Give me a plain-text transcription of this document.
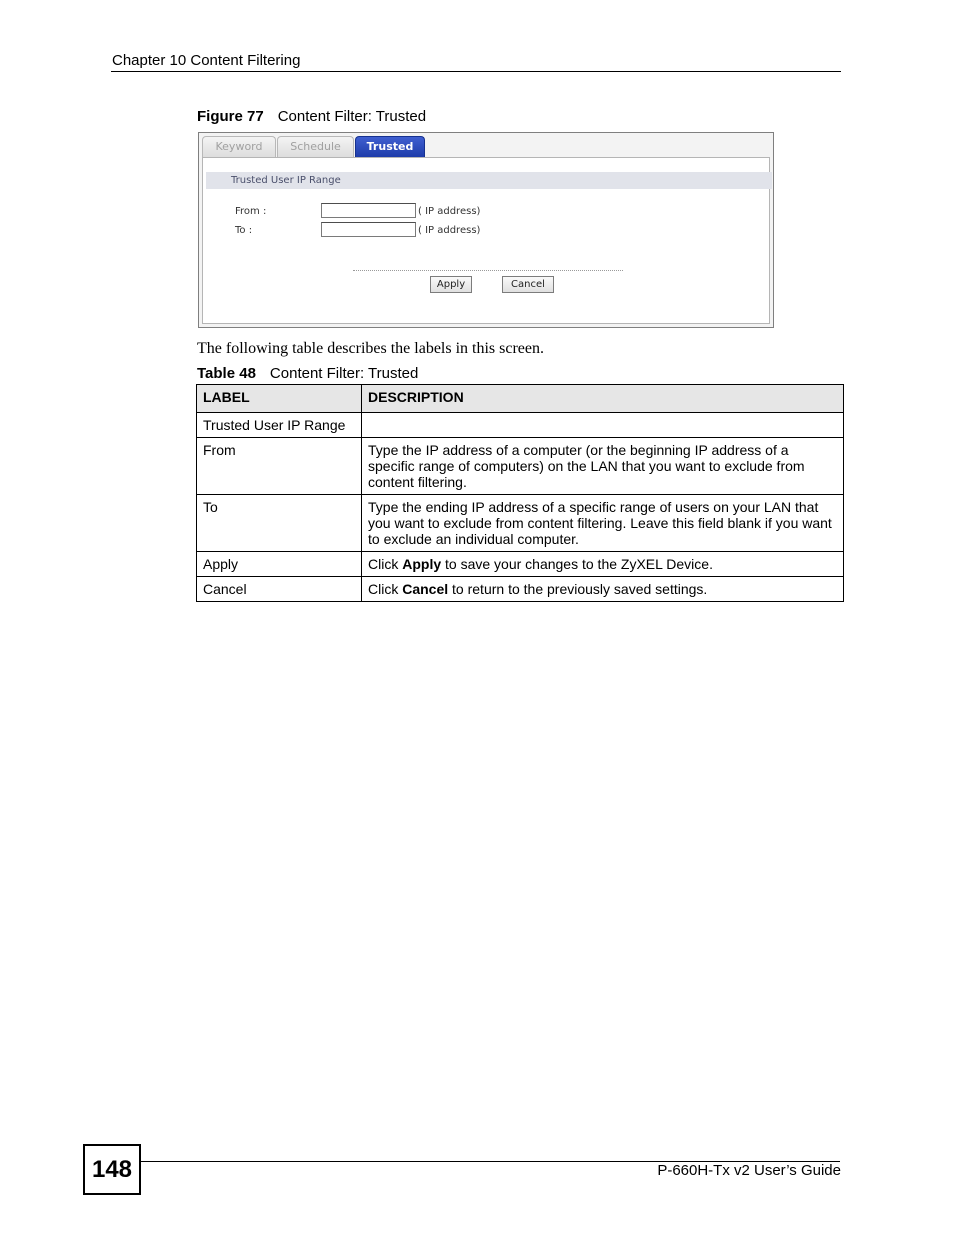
Chapter 10 Content Filtering
Figure 77 Content Filter: Trusted
Keyword	Schedule	Trusted
Trusted User IP Range
From :	( IP address)
To :	( IP address)
Apply	Cancel
The following table describes the labels in this screen.
Table 48 Content Filter: Trusted
LABEL	DESCRIPTION
Trusted User IP Range	
From	Type the IP address of a computer (or the beginning IP address of a specific range of computers) on the LAN that you want to exclude from content filtering.
To	Type the ending IP address of a specific range of users on your LAN that you want to exclude from content filtering. Leave this field blank if you want to exclude an individual computer.
Apply	Click Apply to save your changes to the ZyXEL Device.
Cancel	Click Cancel to return to the previously saved settings.
148	P-660H-Tx v2 User’s Guide
